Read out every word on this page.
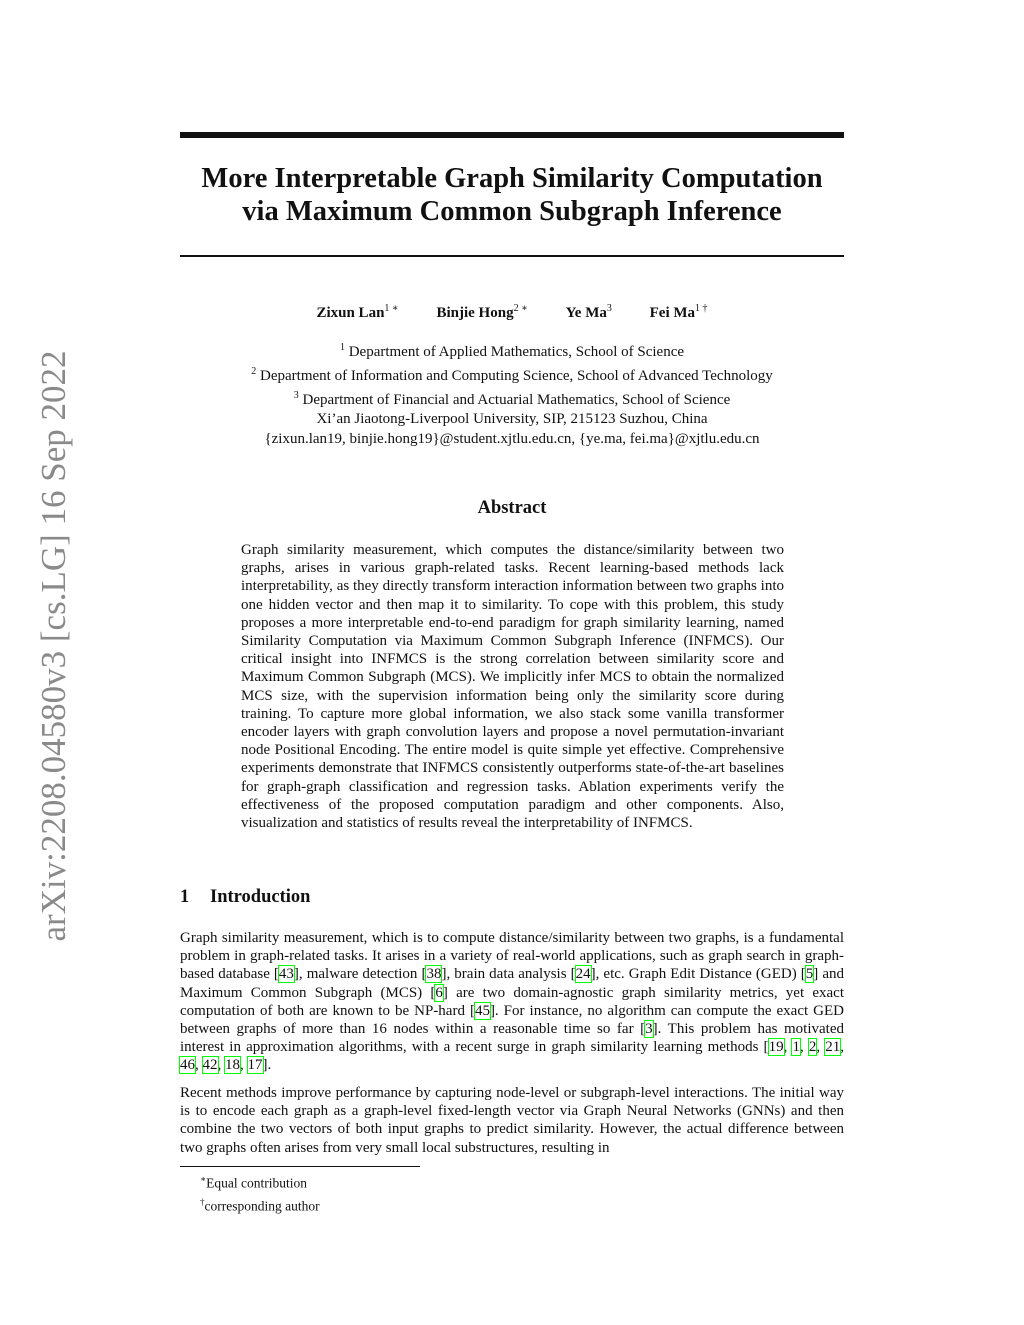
arXiv:2208.04580v3 [cs.LG] 16 Sep 2022
More Interpretable Graph Similarity Computation
via Maximum Common Subgraph Inference
Zixun Lan$^{1 ∗}$	Binjie Hong$^{2 ∗}$	Ye Ma$^3$	Fei $Ma^{1 \dagger}$
$^1$ Department of Applied Mathematics, School of Science
$^2$ Department of Information and Computing Science, School of Advanced Technology
$^3$ Department of Financial and Actuarial Mathematics, School of Science
Xi’an Jiaotong-Liverpool University, SIP, 215123 Suzhou, China
{zixun.lan19, binjie.hong19}@student.xjtlu.edu.cn, {ye.ma, fei.ma}@xjtlu.edu.cn
Abstract
Graph similarity measurement, which computes the distance/similarity between two graphs, arises in various graph-related tasks. Recent learning-based methods lack interpretability, as they directly transform interaction information between two graphs into one hidden vector and then map it to similarity. To cope with this problem, this study proposes a more interpretable end-to-end paradigm for graph similarity learning, named Similarity Computation via Maximum Common Subgraph Inference (INFMCS). Our critical insight into INFMCS is the strong correlation between similarity score and Maximum Common Subgraph (MCS). We implicitly infer MCS to obtain the normalized MCS size, with the supervision information being only the similarity score during training. To capture more global information, we also stack some vanilla transformer encoder layers with graph convolution layers and propose a novel permutation-invariant node Positional Encoding. The entire model is quite simple yet effective. Comprehensive experiments demonstrate that INFMCS consistently outperforms state-of-the-art baselines for graph-graph classification and regression tasks. Ablation experiments verify the effectiveness of the proposed computation paradigm and other components. Also, visualization and statistics of results reveal the interpretability of INFMCS.
1 Introduction
Graph similarity measurement, which is to compute distance/similarity between two graphs, is a fundamental problem in graph-related tasks. It arises in a variety of real-world applications, such as graph search in graph-based database [43], malware detection [38], brain data analysis [24], etc. Graph Edit Distance (GED) [5] and Maximum Common Subgraph (MCS) [6] are two domain-agnostic graph similarity metrics, yet exact computation of both are known to be NP-hard [45]. For instance, no algorithm can compute the exact GED between graphs of more than 16 nodes within a reasonable time so far [3]. This problem has motivated interest in approximation algorithms, with a recent surge in graph similarity learning methods [19, 1, 2, 21, 46, 42, 18, 17].
Recent methods improve performance by capturing node-level or subgraph-level interactions. The initial way is to encode each graph as a graph-level fixed-length vector via Graph Neural Networks (GNNs) and then combine the two vectors of both input graphs to predict similarity. However, the actual difference between two graphs often arises from very small local substructures, resulting in
∗Equal contribution
†corresponding author
